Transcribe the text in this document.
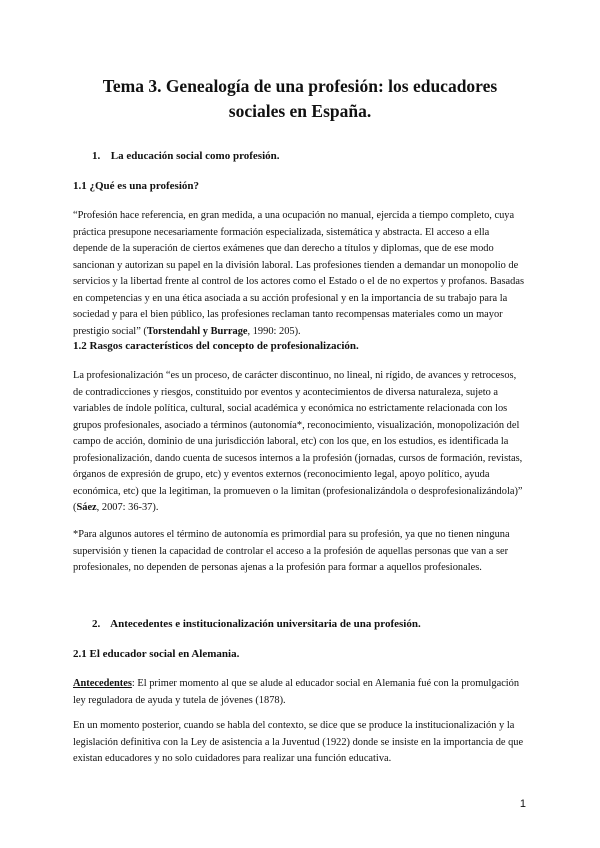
Tema 3. Genealogía de una profesión: los educadores
sociales en España.
1. La educación social como profesión.
1.1 ¿Qué es una profesión?

“Profesión hace referencia, en gran medida, a una ocupación no manual, ejercida a tiempo completo, cuya práctica presupone necesariamente formación especializada, sistemática y abstracta. El acceso a ella depende de la superación de ciertos exámenes que dan derecho a títulos y diplomas, que de ese modo sancionan y autorizan su papel en la división laboral. Las profesiones tienden a demandar un monopolio de servicios y la libertad frente al control de los actores como el Estado o el de no expertos y profanos. Basadas en competencias y en una ética asociada a su acción profesional y en la importancia de su trabajo para la sociedad y para el bien público, las profesiones reclaman tanto recompensas materiales como un mayor prestigio social” (Torstendahl y Burrage, 1990: 205).

1.2 Rasgos característicos del concepto de profesionalización.

La profesionalización “es un proceso, de carácter discontinuo, no lineal, ni rígido, de avances y retrocesos, de contradicciones y riesgos, constituido por eventos y acontecimientos de diversa naturaleza, sujeto a variables de índole política, cultural, social académica y económica no estrictamente relacionada con los grupos profesionales, asociado a términos (autonomía*, reconocimiento, visualización, monopolización del campo de acción, dominio de una jurisdicción laboral, etc) con los que, en los estudios, es identificada la profesionalización, dando cuenta de sucesos internos a la profesión (jornadas, cursos de formación, revistas, órganos de expresión de grupo, etc) y eventos externos (reconocimiento legal, apoyo político, ayuda económica, etc) que la legitiman, la promueven o la limitan (profesionalizándola o desprofesionalizándola)” (Sáez, 2007: 36-37).

*Para algunos autores el término de autonomía es primordial para su profesión, ya que no tienen ninguna supervisión y tienen la capacidad de controlar el acceso a la profesión de aquellas personas que van a ser profesionales, no dependen de personas ajenas a la profesión para formar a aquellos profesionales.

2. Antecedentes e institucionalización universitaria de una profesión.
2.1 El educador social en Alemania.

Antecedentes: El primer momento al que se alude al educador social en Alemania fué con la promulgación ley reguladora de ayuda y tutela de jóvenes (1878).

En un momento posterior, cuando se habla del contexto, se dice que se produce la institucionalización y la legislación definitiva con la Ley de asistencia a la Juventud (1922) donde se insiste en la importancia de que existan educadores y no solo cuidadores para realizar una función educativa.

1
